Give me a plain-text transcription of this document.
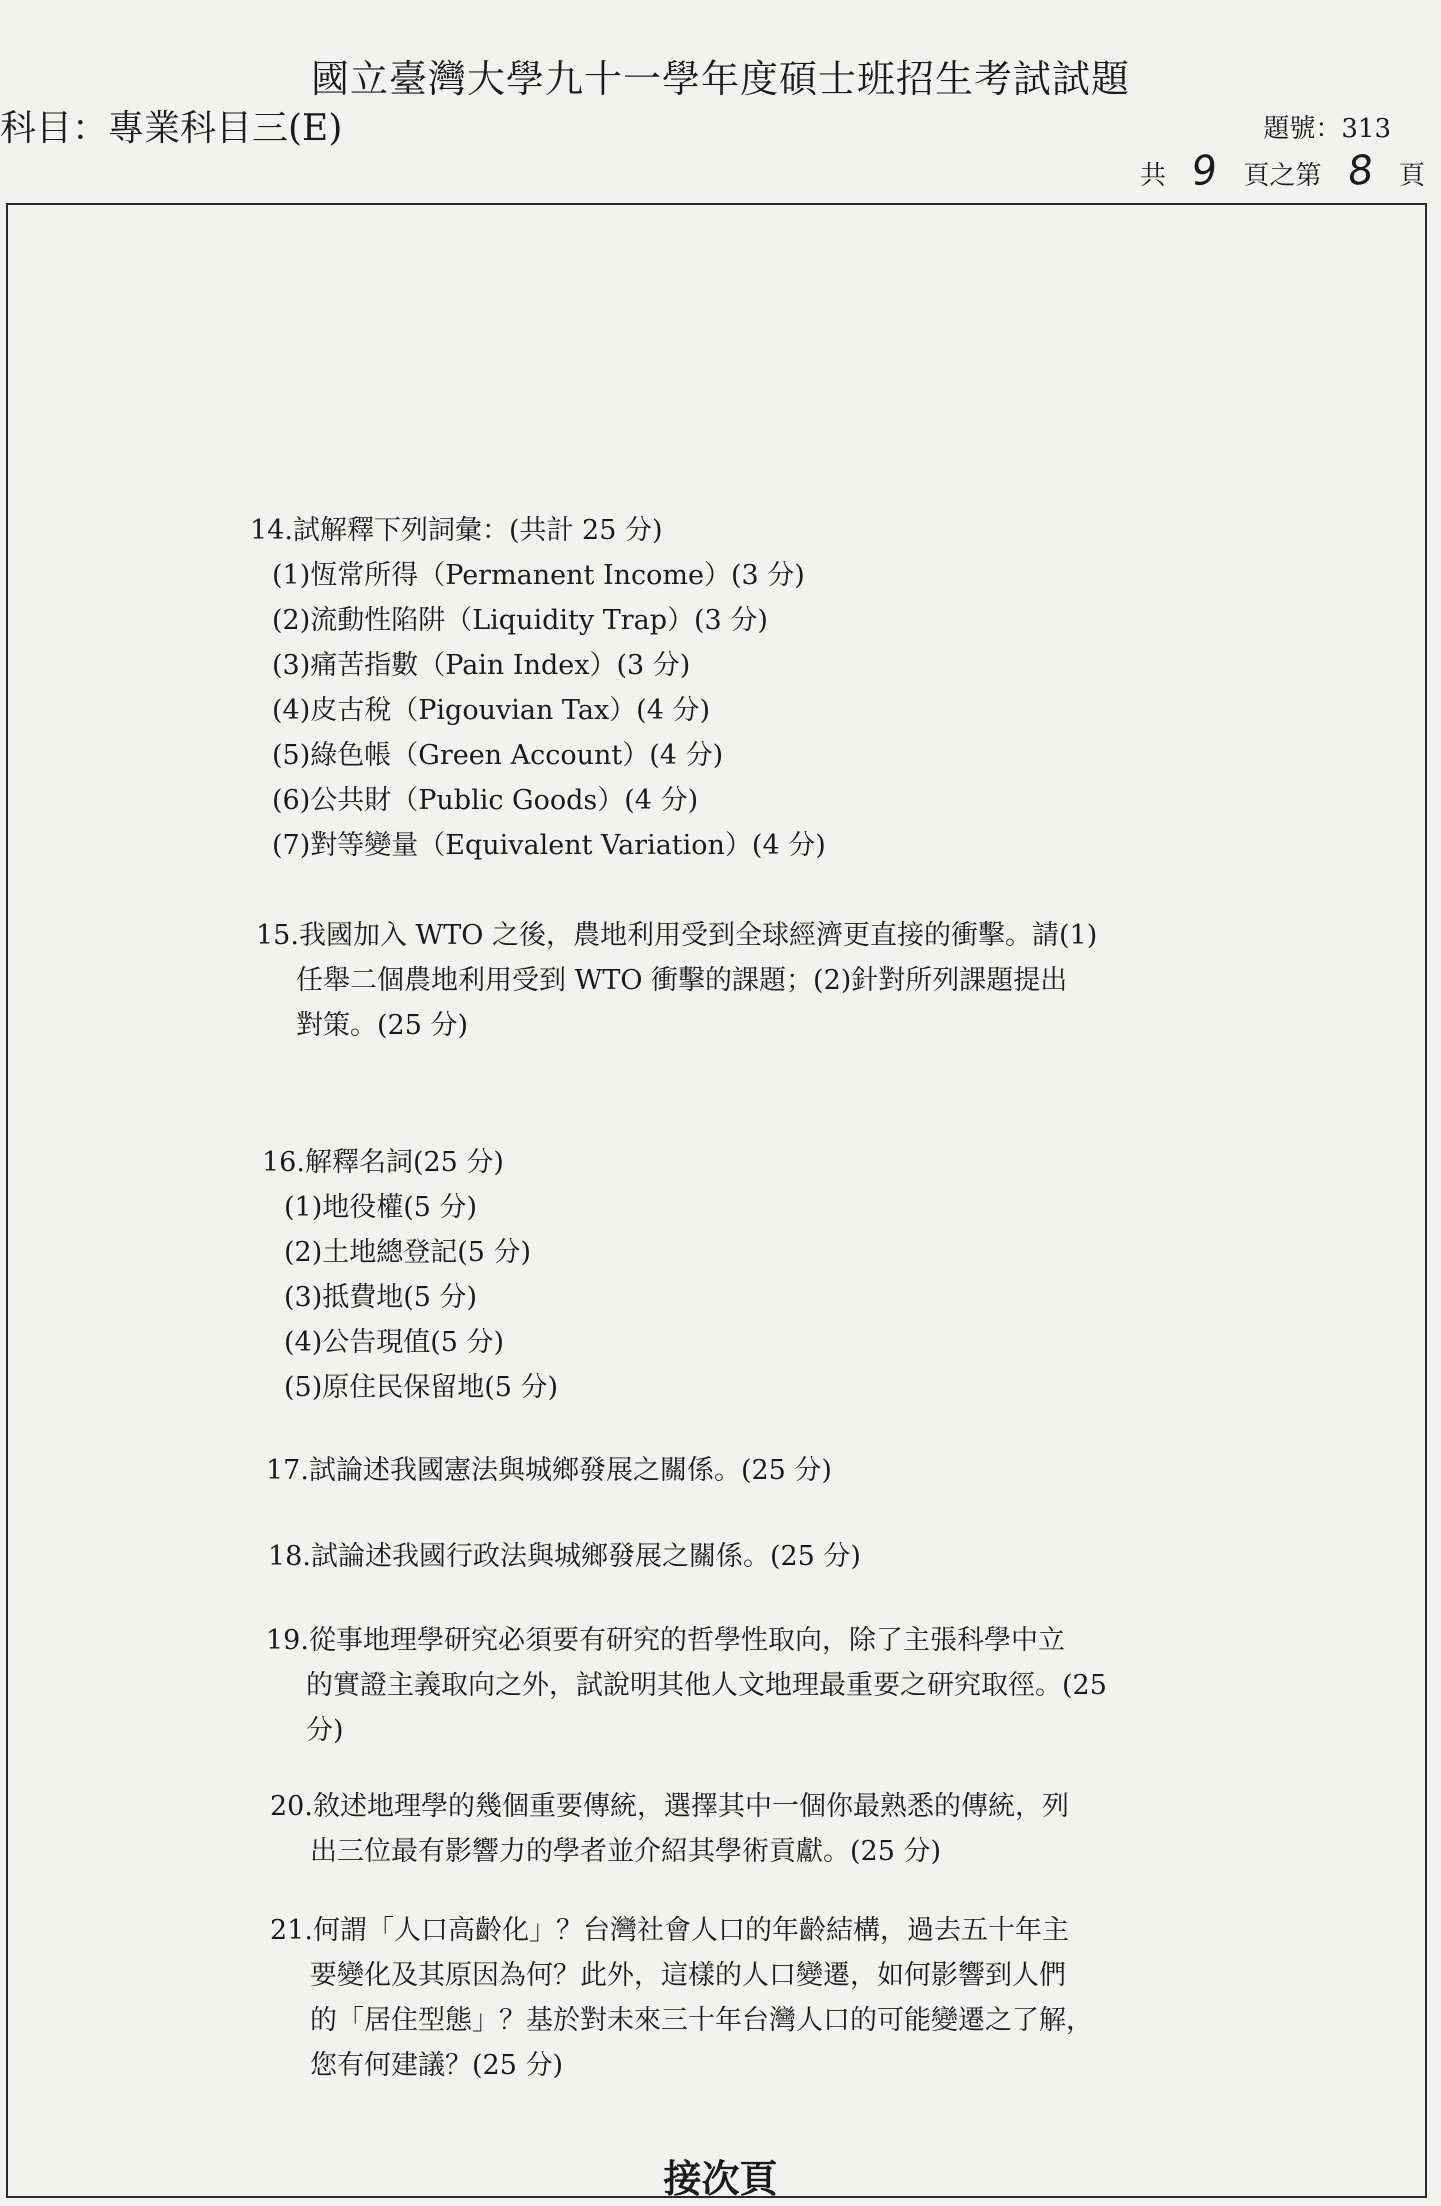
國立臺灣大學九十一學年度碩士班招生考試試題
科目：專業科目三(E)	題號：313
共 9 頁之第 8 頁
14.試解釋下列詞彙：(共計 25 分)
(1)恆常所得（Permanent Income）(3 分)
(2)流動性陷阱（Liquidity Trap）(3 分)
(3)痛苦指數（Pain Index）(3 分)
(4)皮古稅（Pigouvian Tax）(4 分)
(5)綠色帳（Green Account）(4 分)
(6)公共財（Public Goods）(4 分)
(7)對等變量（Equivalent Variation）(4 分)
15.我國加入 WTO 之後，農地利用受到全球經濟更直接的衝擊。請(1)
任舉二個農地利用受到 WTO 衝擊的課題；(2)針對所列課題提出
對策。(25 分)
16.解釋名詞(25 分)
(1)地役權(5 分)
(2)土地總登記(5 分)
(3)抵費地(5 分)
(4)公告現值(5 分)
(5)原住民保留地(5 分)
17.試論述我國憲法與城鄉發展之關係。(25 分)
18.試論述我國行政法與城鄉發展之關係。(25 分)
19.從事地理學研究必須要有研究的哲學性取向，除了主張科學中立
的實證主義取向之外，試說明其他人文地理最重要之研究取徑。(25
分)
20.敘述地理學的幾個重要傳統，選擇其中一個你最熟悉的傳統，列
出三位最有影響力的學者並介紹其學術貢獻。(25 分)
21.何謂「人口高齡化」？台灣社會人口的年齡結構，過去五十年主
要變化及其原因為何？此外，這樣的人口變遷，如何影響到人們
的「居住型態」？基於對未來三十年台灣人口的可能變遷之了解，
您有何建議？(25 分)
接次頁
